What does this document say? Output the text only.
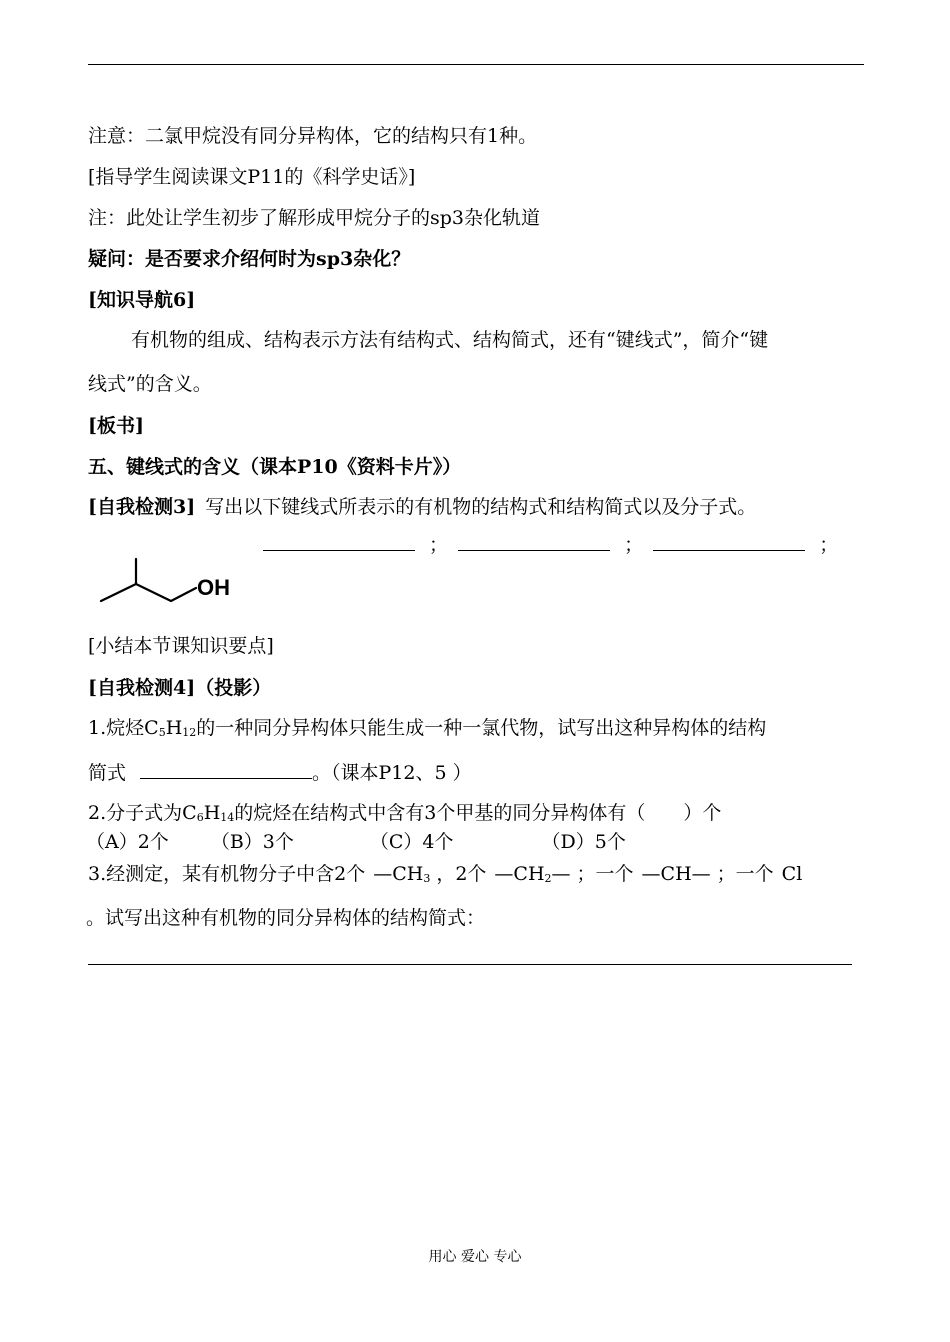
注意：二氯甲烷没有同分异构体，它的结构只有1种。
[指导学生阅读课文P11的《科学史话》]
注：此处让学生初步了解形成甲烷分子的sp3杂化轨道
疑问：是否要求介绍何时为sp3杂化？
[知识导航6]
有机物的组成、结构表示方法有结构式、结构简式，还有“键线式”，简介“键
线式”的含义。
[板书]
五、键线式的含义（课本P10《资料卡片》）
[自我检测3] 写出以下键线式所表示的有机物的结构式和结构简式以及分子式。
；	；	；
OH
[小结本节课知识要点]
[自我检测4]（投影）
1.烷烃$C_5H_{12}$的一种同分异构体只能生成一种一氯代物，试写出这种异构体的结构
简式	。（课本P12、5 ）
2.分子式为$C_6H_{14}$的烷烃在结构式中含有3个甲基的同分异构体有（ ）个
（A）2个 （B）3个	（C）4个	（D）5个
3.经测定，某有机物分子中含2个 $—CH_3$ ，2个 $—CH_2—$ ；一个 —CH— ；一个 Cl
。试写出这种有机物的同分异构体的结构简式：
用心 爱心 专心
